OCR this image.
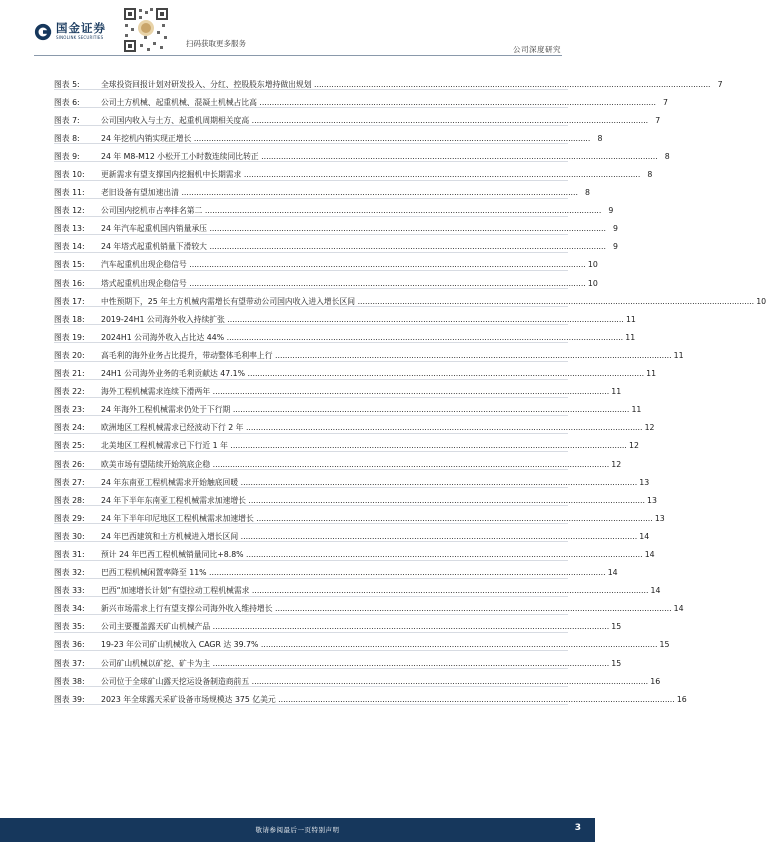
国金证券
SINOLINK SECURITIES
扫码获取更多服务
公司深度研究
图表 5:	全球投资回报计划对研发投入、分红、控股股东增持做出规划 ................................................................................................................................................................ 7
图表 6:	公司土方机械、起重机械、混凝土机械占比高 ................................................................................................................................................................ 7
图表 7:	公司国内收入与土方、起重机周期相关度高 ................................................................................................................................................................ 7
图表 8:	24 年挖机内销实现正增长 ................................................................................................................................................................ 8
图表 9:	24 年 M8-M12 小松开工小时数连续同比转正 ................................................................................................................................................................ 8
图表 10:	更新需求有望支撑国内挖掘机中长期需求 ................................................................................................................................................................ 8
图表 11:	老旧设备有望加速出清 ................................................................................................................................................................ 8
图表 12:	公司国内挖机市占率排名第二 ................................................................................................................................................................ 9
图表 13:	24 年汽车起重机国内销量承压 ................................................................................................................................................................ 9
图表 14:	24 年塔式起重机销量下滑较大 ................................................................................................................................................................ 9
图表 15:	汽车起重机出现企稳信号 ................................................................................................................................................................ 10
图表 16:	塔式起重机出现企稳信号 ................................................................................................................................................................ 10
图表 17:	中性预期下，25 年土方机械内需增长有望带动公司国内收入进入增长区间 ................................................................................................................................................................ 10
图表 18:	2019-24H1 公司海外收入持续扩张 ................................................................................................................................................................ 11
图表 19:	2024H1 公司海外收入占比达 44% ................................................................................................................................................................ 11
图表 20:	高毛利的海外业务占比提升，带动整体毛利率上行 ................................................................................................................................................................ 11
图表 21:	24H1 公司海外业务的毛利贡献达 47.1% ................................................................................................................................................................ 11
图表 22:	海外工程机械需求连续下滑两年 ................................................................................................................................................................ 11
图表 23:	24 年海外工程机械需求仍处于下行期 ................................................................................................................................................................ 11
图表 24:	欧洲地区工程机械需求已经波动下行 2 年 ................................................................................................................................................................ 12
图表 25:	北美地区工程机械需求已下行近 1 年 ................................................................................................................................................................ 12
图表 26:	欧美市场有望陆续开始筑底企稳 ................................................................................................................................................................ 12
图表 27:	24 年东南亚工程机械需求开始触底回暖 ................................................................................................................................................................ 13
图表 28:	24 年下半年东南亚工程机械需求加速增长 ................................................................................................................................................................ 13
图表 29:	24 年下半年印尼地区工程机械需求加速增长 ................................................................................................................................................................ 13
图表 30:	24 年巴西建筑和土方机械进入增长区间 ................................................................................................................................................................ 14
图表 31:	预计 24 年巴西工程机械销量同比+8.8% ................................................................................................................................................................ 14
图表 32:	巴西工程机械闲置率降至 11% ................................................................................................................................................................ 14
图表 33:	巴西“加速增长计划”有望拉动工程机械需求 ................................................................................................................................................................ 14
图表 34:	新兴市场需求上行有望支撑公司海外收入维持增长 ................................................................................................................................................................ 14
图表 35:	公司主要覆盖露天矿山机械产品 ................................................................................................................................................................ 15
图表 36:	19-23 年公司矿山机械收入 CAGR 达 39.7% ................................................................................................................................................................ 15
图表 37:	公司矿山机械以矿挖、矿卡为主 ................................................................................................................................................................ 15
图表 38:	公司位于全球矿山露天挖运设备制造商前五 ................................................................................................................................................................ 16
图表 39:	2023 年全球露天采矿设备市场规模达 375 亿美元 ................................................................................................................................................................ 16
敬请参阅最后一页特别声明	3
